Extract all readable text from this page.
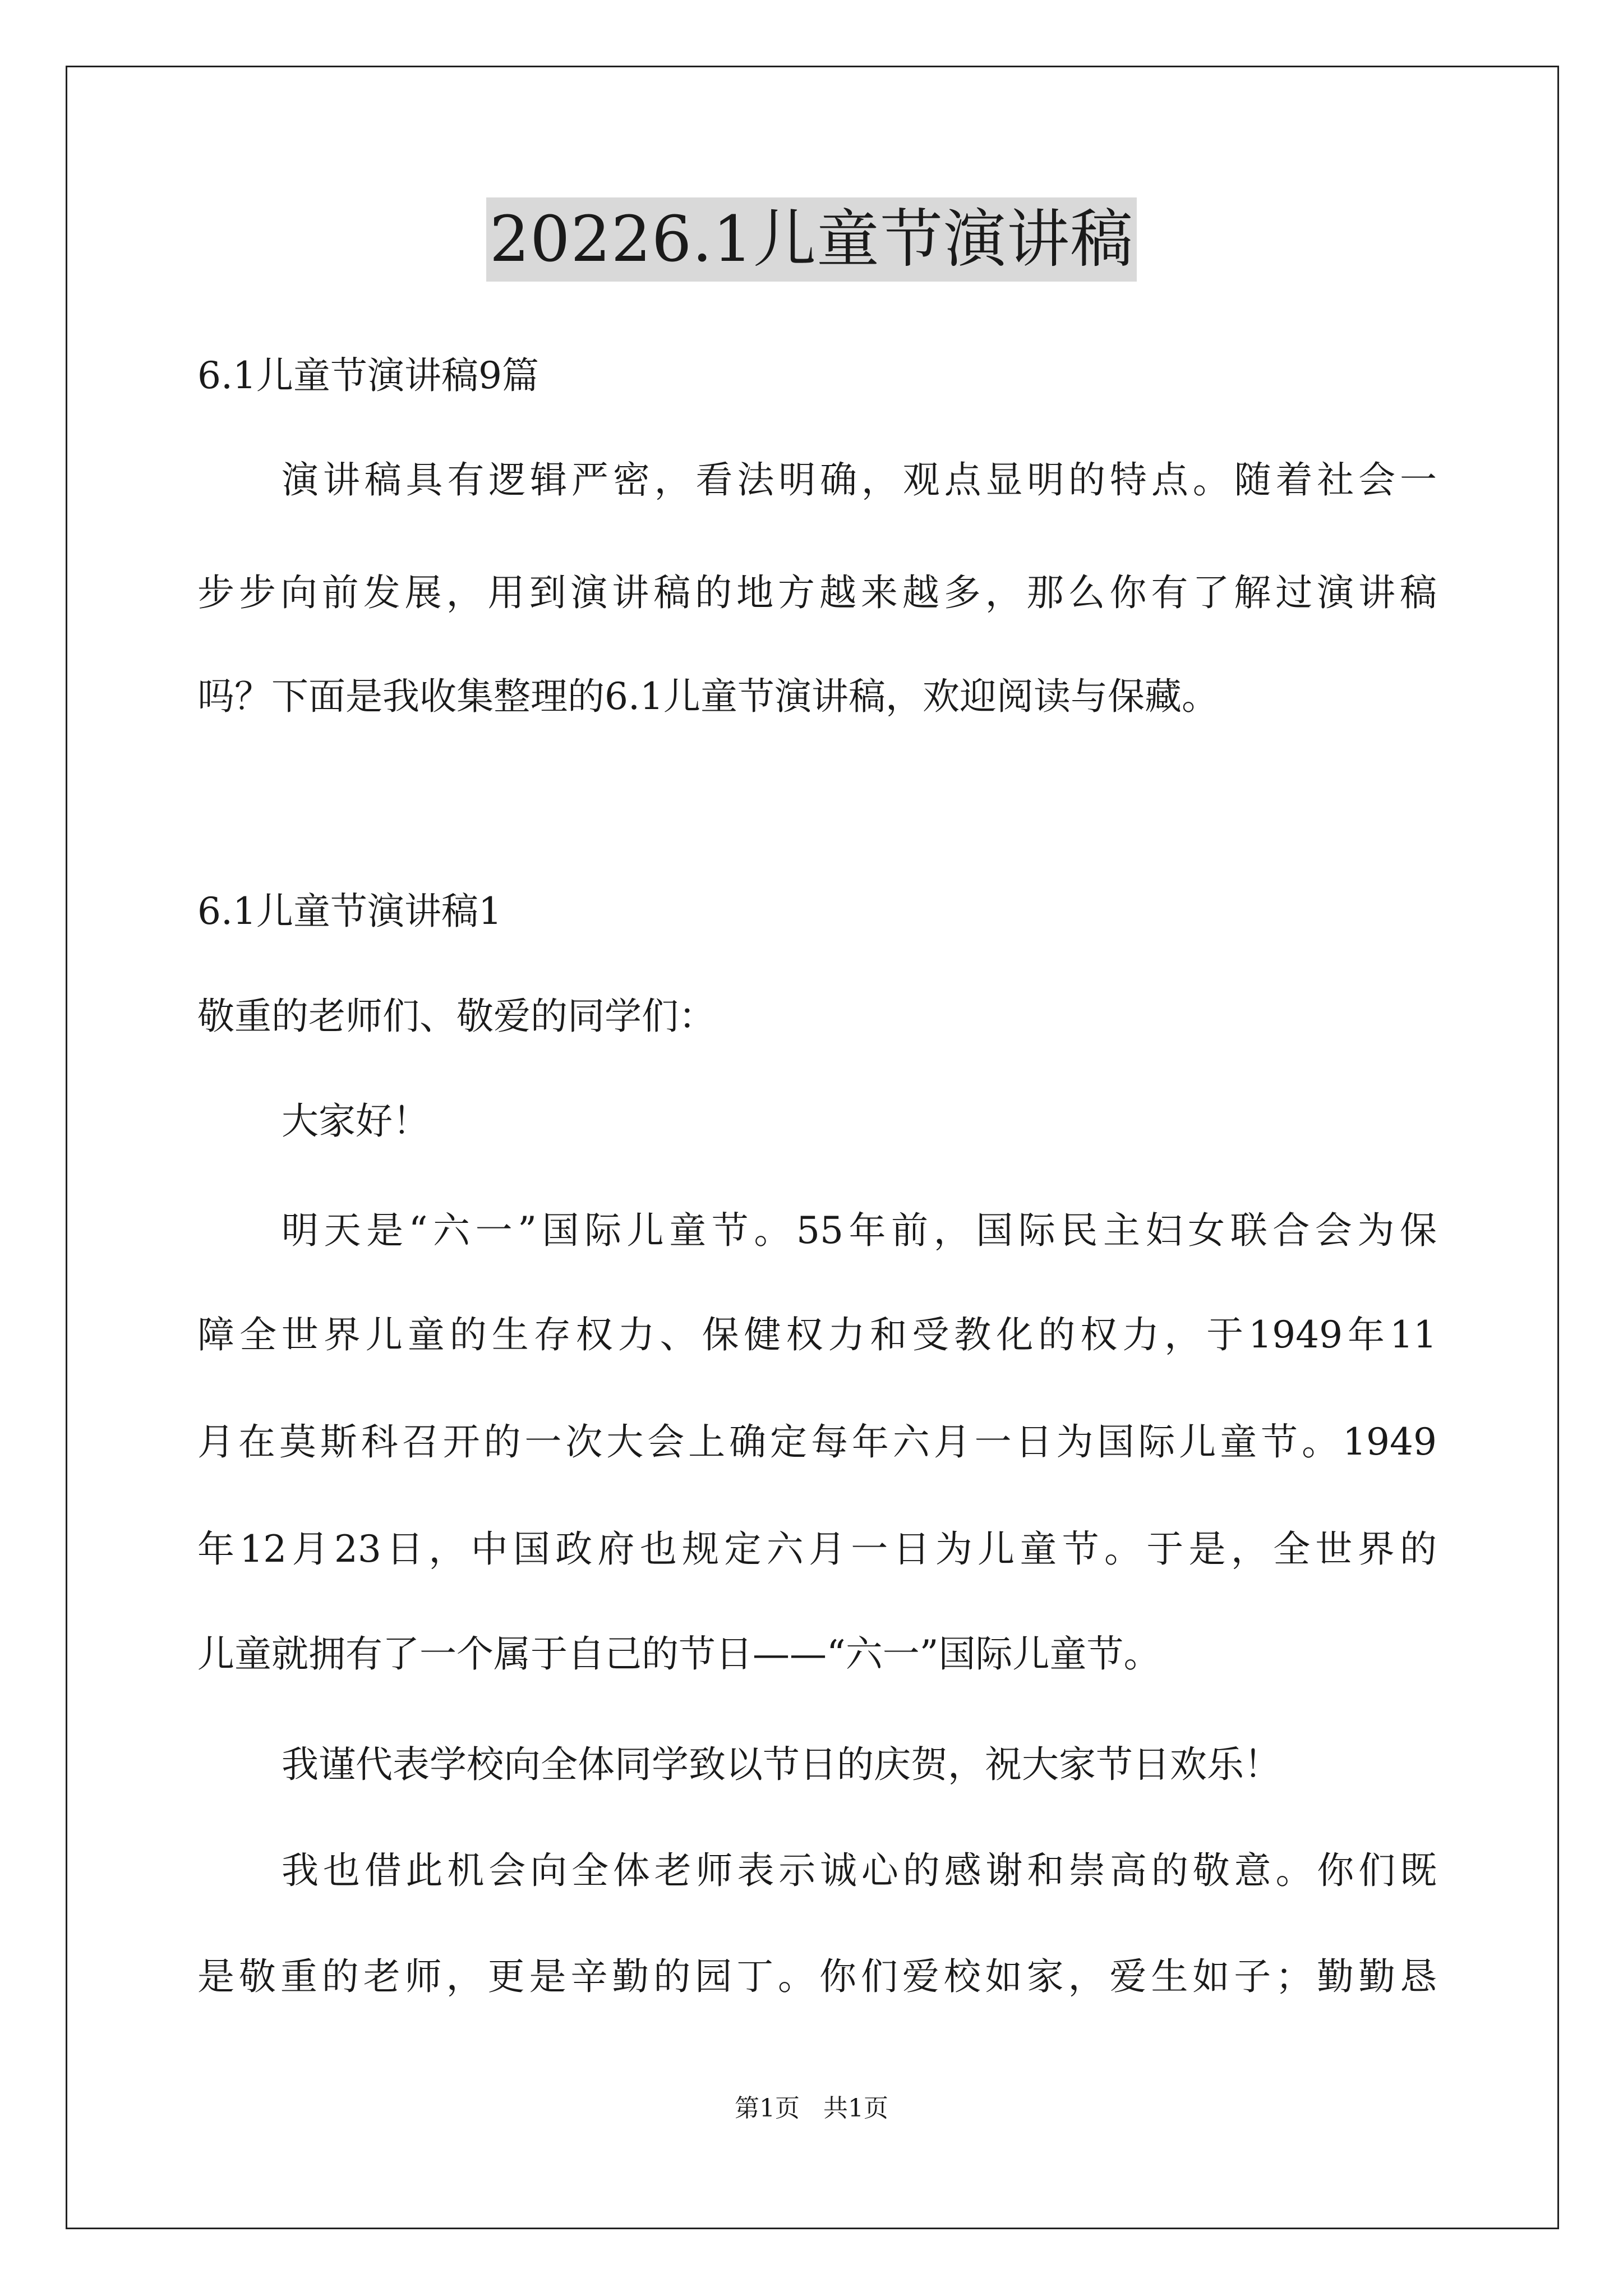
20226.1儿童节演讲稿
6.1儿童节演讲稿9篇
演讲稿具有逻辑严密，看法明确，观点显明的特点。随着社会一
步步向前发展，用到演讲稿的地方越来越多，那么你有了解过演讲稿
吗？下面是我收集整理的6.1儿童节演讲稿，欢迎阅读与保藏。
6.1儿童节演讲稿1
敬重的老师们、敬爱的同学们：
大家好！
明天是“六一”国际儿童节。55年前，国际民主妇女联合会为保
障全世界儿童的生存权力、保健权力和受教化的权力，于1949年11
月在莫斯科召开的一次大会上确定每年六月一日为国际儿童节。1949
年12月23日，中国政府也规定六月一日为儿童节。于是，全世界的
儿童就拥有了一个属于自己的节日——“六一”国际儿童节。
我谨代表学校向全体同学致以节日的庆贺，祝大家节日欢乐！
我也借此机会向全体老师表示诚心的感谢和崇高的敬意。你们既
是敬重的老师，更是辛勤的园丁。你们爱校如家，爱生如子；勤勤恳
第1页   共1页
